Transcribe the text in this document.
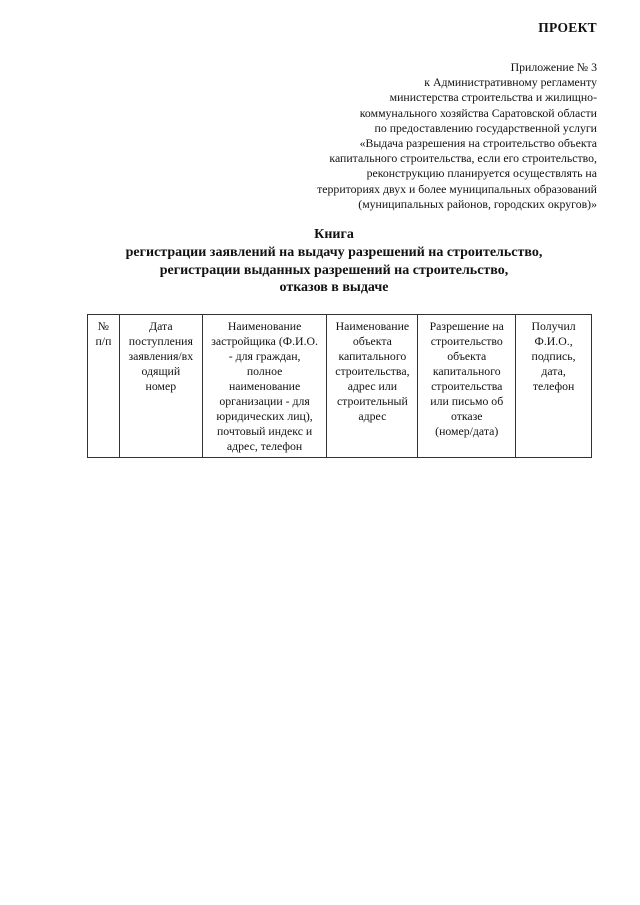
ПРОЕКТ
Приложение № 3
к Административному регламенту
министерства строительства и жилищно-
коммунального хозяйства Саратовской области
по предоставлению государственной услуги
«Выдача разрешения на строительство объекта
капитального строительства, если его строительство,
реконструкцию планируется осуществлять на
территориях двух и более муниципальных образований
(муниципальных районов, городских округов)»
Книга
регистрации заявлений на выдачу разрешений на строительство,
регистрации выданных разрешений на строительство,
отказов в выдаче
№
п/п

Дата
поступления
заявления/вх
одящий
номер

Наименование
застройщика (Ф.И.О.
- для граждан,
полное
наименование
организации - для
юридических лиц),
почтовый индекс и
адрес, телефон

Наименование
объекта
капитального
строительства,
адрес или
строительный
адрес

Разрешение на
строительство
объекта
капитального
строительства
или письмо об
отказе
(номер/дата)

Получил
Ф.И.О.,
подпись,
дата,
телефон
